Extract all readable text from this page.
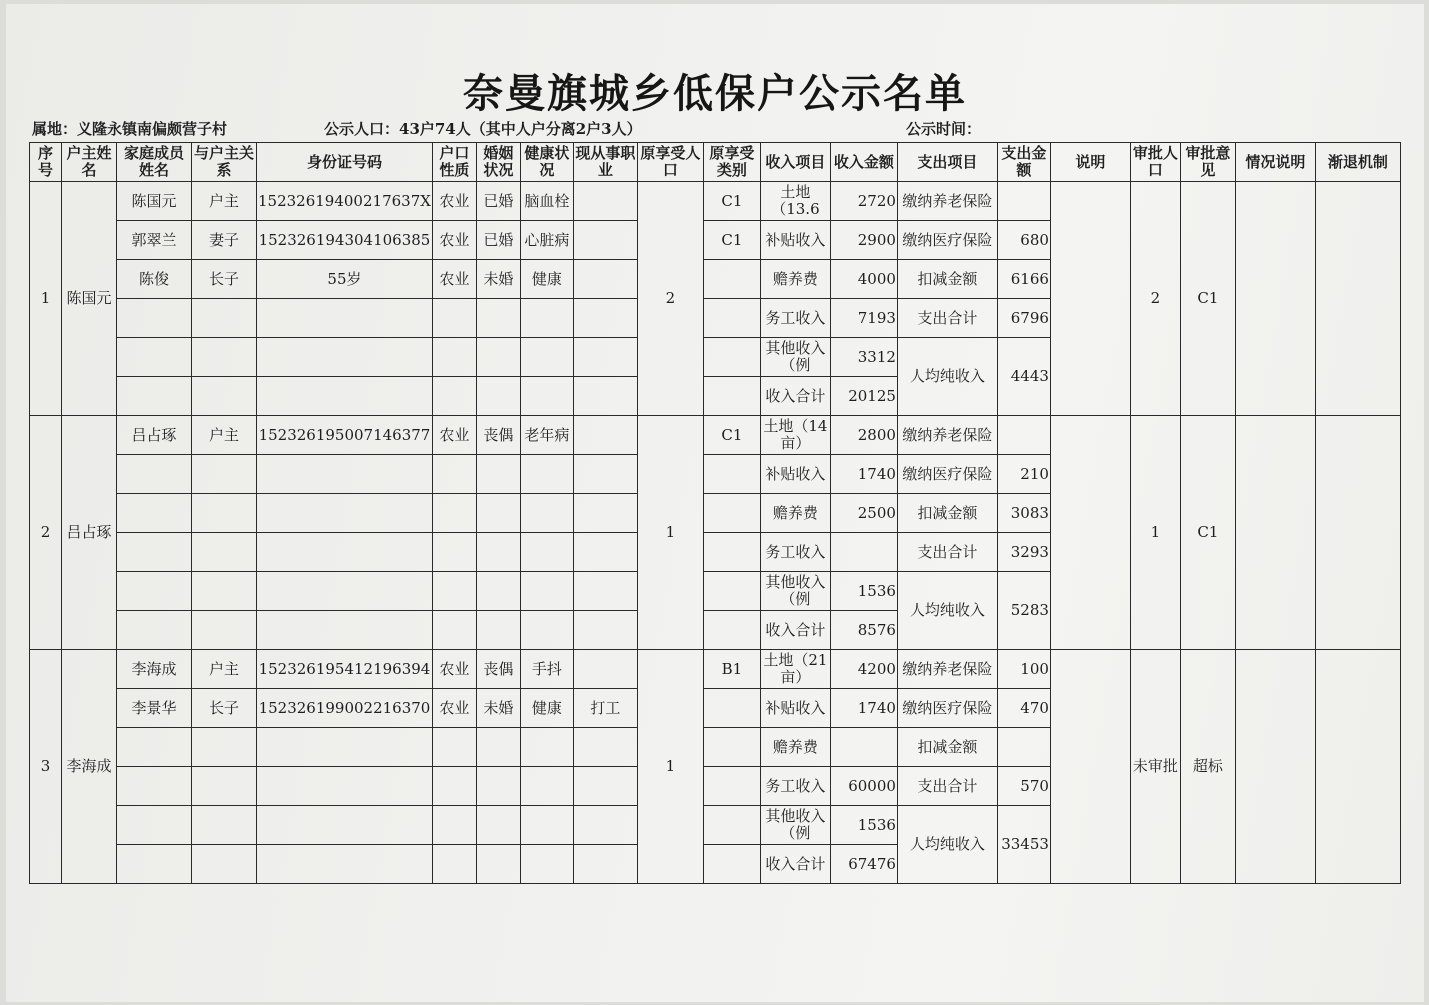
奈曼旗城乡低保户公示名单
属地：义隆永镇南偏颇营子村	公示人口：43户74人（其中人户分离2户3人）	公示时间：
序号	户主姓名	家庭成员姓名	与户主关系	身份证号码	户口性质	婚姻状况	健康状况	现从事职业	原享受人口	原享受类别	收入项目	收入金额	支出项目	支出金额	说明	审批人口	审批意见	情况说明	渐退机制
1	陈国元	陈国元	户主	15232619400217637X	农业	已婚	脑血栓		2	C1	土地（13.6	2720	缴纳养老保险			2	C1		
		郭翠兰	妻子	152326194304106385	农业	已婚	心脏病			C1	补贴收入	2900	缴纳医疗保险	680					
		陈俊	长子	55岁	农业	未婚	健康				赡养费	4000	扣减金额	6166					
											务工收入	7193	支出合计	6796					
											其他收入（例	3312	人均纯收入	4443					
											收入合计	20125							
2	吕占琢	吕占琢	户主	152326195007146377	农业	丧偶	老年病		1	C1	土地（14亩）	2800	缴纳养老保险			1	C1		
											补贴收入	1740	缴纳医疗保险	210					
											赡养费	2500	扣减金额	3083					
											务工收入		支出合计	3293					
											其他收入（例	1536	人均纯收入	5283					
											收入合计	8576							
3	李海成	李海成	户主	152326195412196394	农业	丧偶	手抖		1	B1	土地（21亩）	4200	缴纳养老保险	100		未审批	超标		
		李景华	长子	152326199002216370	农业	未婚	健康	打工			补贴收入	1740	缴纳医疗保险	470					
											赡养费		扣减金额						
											务工收入	60000	支出合计	570					
											其他收入（例	1536	人均纯收入	33453					
											收入合计	67476							
